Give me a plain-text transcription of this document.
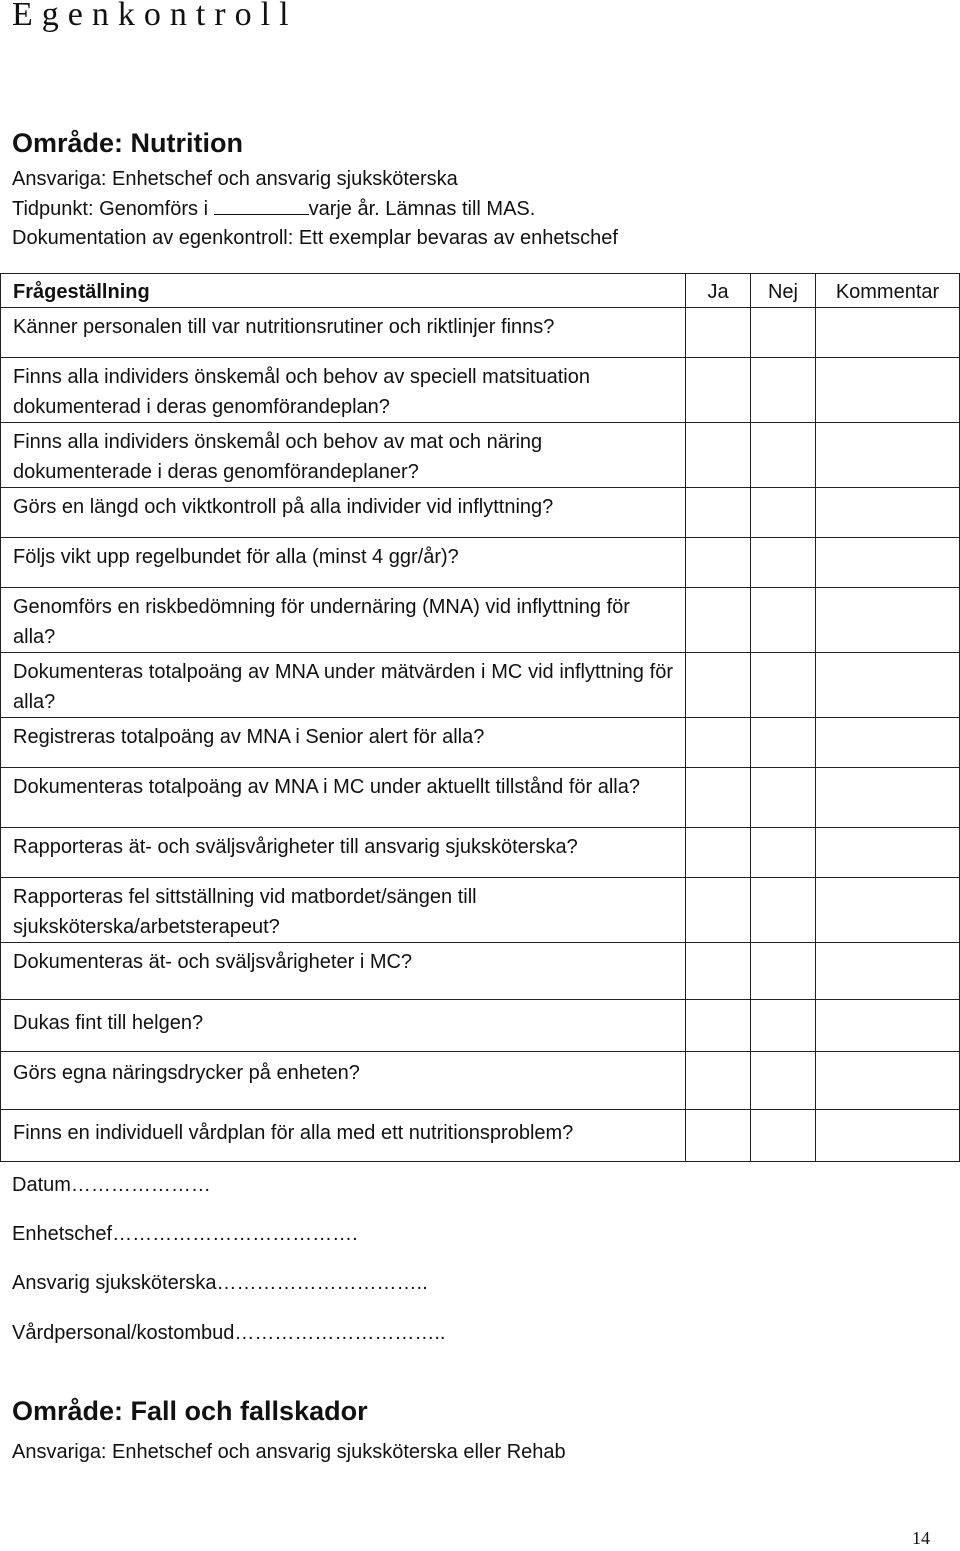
Egenkontroll
Område: Nutrition
Ansvariga: Enhetschef och ansvarig sjuksköterska
Tidpunkt: Genomförs i	varje år. Lämnas till MAS.
Dokumentation av egenkontroll: Ett exemplar bevaras av enhetschef
Frågeställning	Ja	Nej	Kommentar
Känner personalen till var nutritionsrutiner och riktlinjer finns?			
Finns alla individers önskemål och behov av speciell matsituation dokumenterad i deras genomförandeplan?			
Finns alla individers önskemål och behov av mat och näring dokumenterade i deras genomförandeplaner?			
Görs en längd och viktkontroll på alla individer vid inflyttning?			
Följs vikt upp regelbundet för alla (minst 4 ggr/år)?			
Genomförs en riskbedömning för undernäring (MNA) vid inflyttning för alla?			
Dokumenteras totalpoäng av MNA under mätvärden i MC vid inflyttning för alla?			
Registreras totalpoäng av MNA i Senior alert för alla?			
Dokumenteras totalpoäng av MNA i MC under aktuellt tillstånd för alla?			
Rapporteras ät- och sväljsvårigheter till ansvarig sjuksköterska?			
Rapporteras fel sittställning vid matbordet/sängen till sjuksköterska/arbetsterapeut?			
Dokumenteras ät- och sväljsvårigheter i MC?			
Dukas fint till helgen?			
Görs egna näringsdrycker på enheten?			
Finns en individuell vårdplan för alla med ett nutritionsproblem?			
Datum…………………
Enhetschef……………………………….
Ansvarig sjuksköterska…………………………..
Vårdpersonal/kostombud…………………………..
Område: Fall och fallskador
Ansvariga: Enhetschef och ansvarig sjuksköterska eller Rehab
14
